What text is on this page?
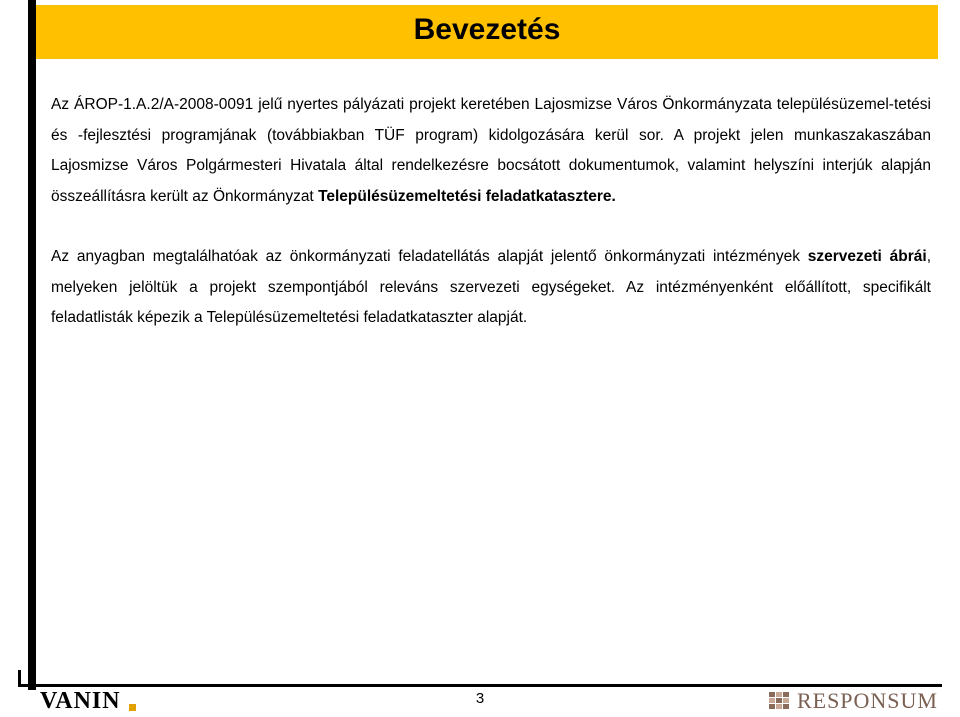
Bevezetés

Az ÁROP-1.A.2/A-2008-0091 jelű nyertes pályázati projekt keretében Lajosmizse Város Önkormányzata településüzemel-tetési és -fejlesztési programjának (továbbiakban TÜF program) kidolgozására kerül sor. A projekt jelen munkaszakaszában Lajosmizse Város Polgármesteri Hivatala által rendelkezésre bocsátott dokumentumok, valamint helyszíni interjúk alapján összeállításra került az Önkormányzat Településüzemeltetési feladatkatasztere.

Az anyagban megtalálhatóak az önkormányzati feladatellátás alapját jelentő önkormányzati intézmények szervezeti ábrái, melyeken jelöltük a projekt szempontjából releváns szervezeti egységeket. Az intézményenként előállított, specifikált feladatlisták képezik a Településüzemeltetési feladatkataszter alapját.

VANIN	3	RESPONSUM
